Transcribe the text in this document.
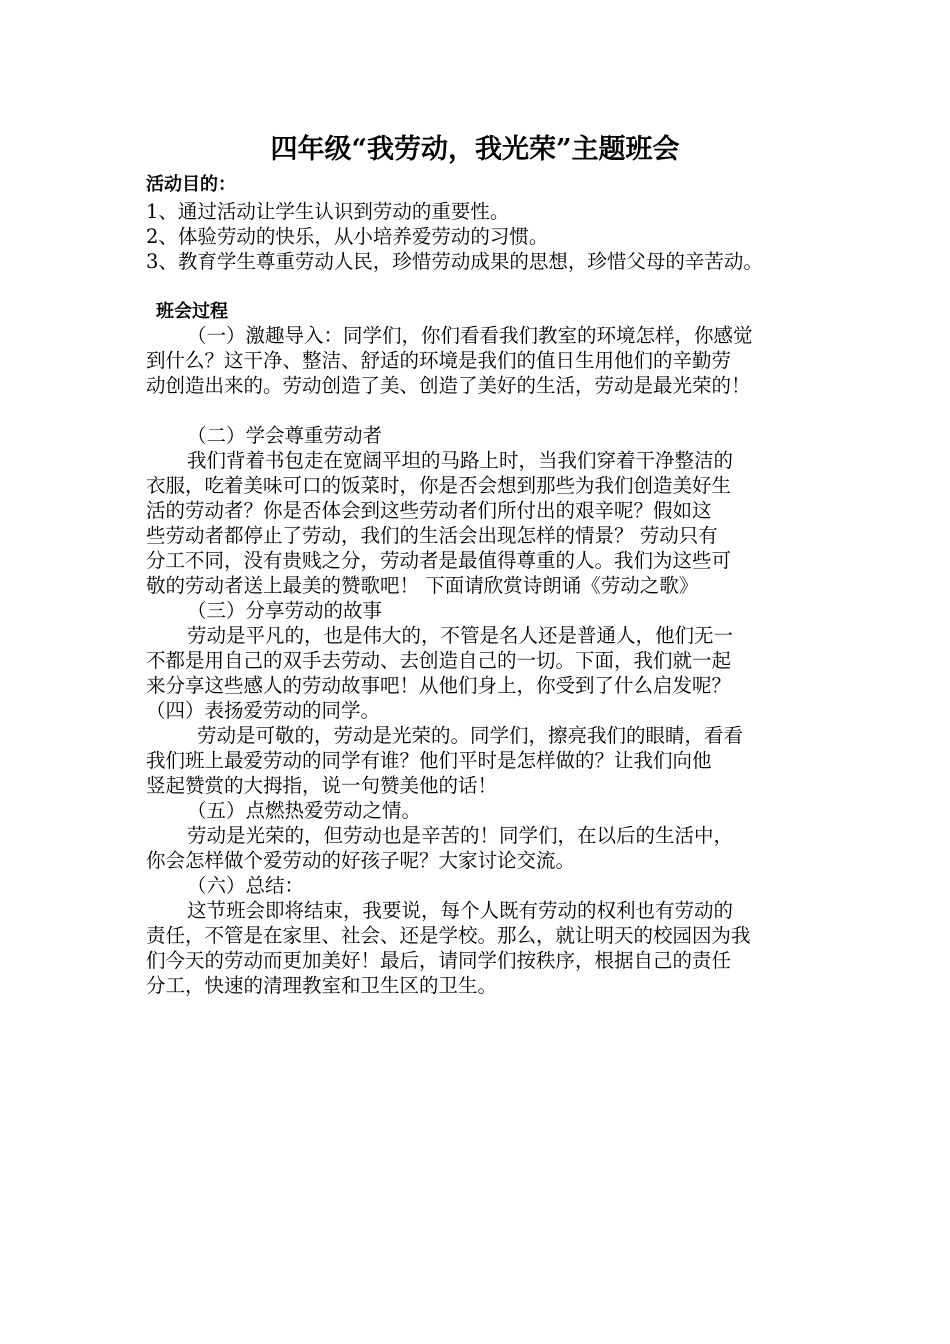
四年级“我劳动，我光荣”主题班会
活动目的：
1、通过活动让学生认识到劳动的重要性。
2、体验劳动的快乐，从小培养爱劳动的习惯。
3、教育学生尊重劳动人民，珍惜劳动成果的思想，珍惜父母的辛苦动。
班会过程
（一）激趣导入：同学们，你们看看我们教室的环境怎样，你感觉
到什么？这干净、整洁、舒适的环境是我们的值日生用他们的辛勤劳
动创造出来的。劳动创造了美、创造了美好的生活，劳动是最光荣的！
（二）学会尊重劳动者
我们背着书包走在宽阔平坦的马路上时，当我们穿着干净整洁的
衣服，吃着美味可口的饭菜时，你是否会想到那些为我们创造美好生
活的劳动者？你是否体会到这些劳动者们所付出的艰辛呢？假如这
些劳动者都停止了劳动，我们的生活会出现怎样的情景？ 劳动只有
分工不同，没有贵贱之分，劳动者是最值得尊重的人。我们为这些可
敬的劳动者送上最美的赞歌吧！ 下面请欣赏诗朗诵《劳动之歌》
（三）分享劳动的故事
劳动是平凡的，也是伟大的，不管是名人还是普通人，他们无一
不都是用自己的双手去劳动、去创造自己的一切。下面，我们就一起
来分享这些感人的劳动故事吧！从他们身上，你受到了什么启发呢？
（四）表扬爱劳动的同学。
劳动是可敬的，劳动是光荣的。同学们，擦亮我们的眼睛，看看
我们班上最爱劳动的同学有谁？他们平时是怎样做的？让我们向他
竖起赞赏的大拇指，说一句赞美他的话！
（五）点燃热爱劳动之情。
劳动是光荣的，但劳动也是辛苦的！同学们，在以后的生活中，
你会怎样做个爱劳动的好孩子呢？大家讨论交流。
（六）总结：
这节班会即将结束，我要说，每个人既有劳动的权利也有劳动的
责任，不管是在家里、社会、还是学校。那么，就让明天的校园因为我
们今天的劳动而更加美好！最后，请同学们按秩序，根据自己的责任
分工，快速的清理教室和卫生区的卫生。
